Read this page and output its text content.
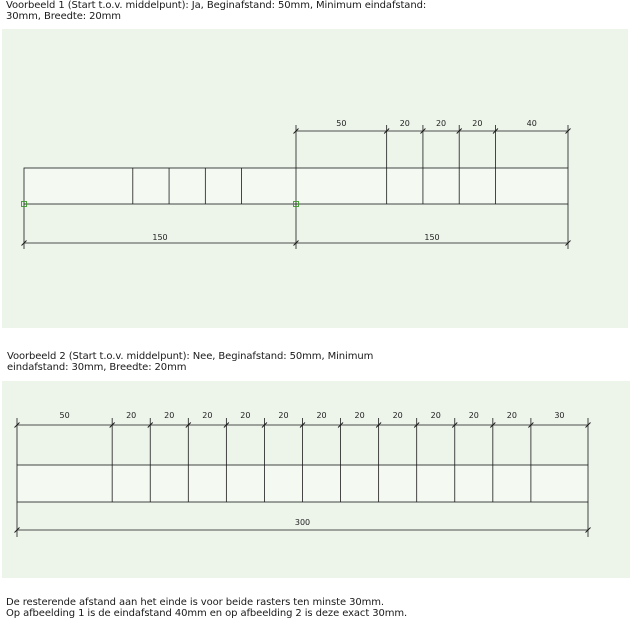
Voorbeeld 1 (Start t.o.v. middelpunt): Ja, Beginafstand: 50mm, Minimum eindafstand: 30mm, Breedte: 20mm

Voorbeeld 2 (Start t.o.v. middelpunt): Nee, Beginafstand: 50mm, Minimum eindafstand: 30mm, Breedte: 20mm

De resterende afstand aan het einde is voor beide rasters ten minste 30mm.
Op afbeelding 1 is de eindafstand 40mm en op afbeelding 2 is deze exact 30mm.
50	20	20	20	40
150	150
50	20	20	20	20	20	20	20	20	20	20	20	30
300
